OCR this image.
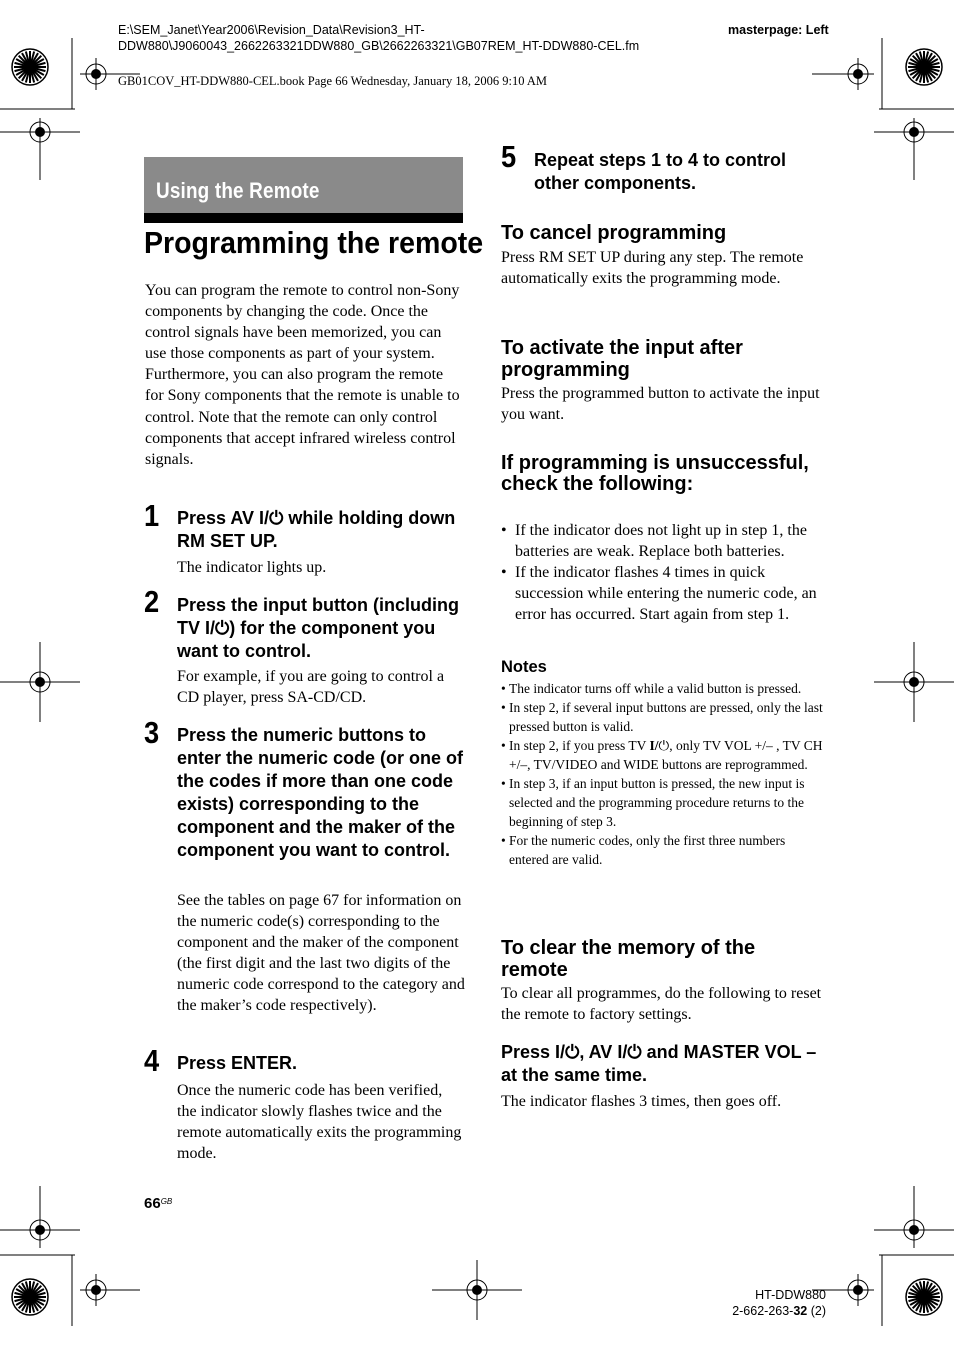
E:\SEM_Janet\Year2006\Revision_Data\Revision3_HT-
DDW880\J9060043_2662263321DDW880_GB\2662263321\GB07REM_HT-DDW880-CEL.fm
masterpage: Left
GB01COV_HT-DDW880-CEL.book Page 66 Wednesday, January 18, 2006 9:10 AM
Using the Remote
Programming the remote
You can program the remote to control non-Sony components by changing the code. Once the control signals have been memorized, you can use those components as part of your system.
Furthermore, you can also program the remote for Sony components that the remote is unable to control. Note that the remote can only control components that accept infrared wireless control signals.
1 Press AV I/⏻ while holding down RM SET UP.
The indicator lights up.
2 Press the input button (including TV I/⏻) for the component you want to control.
For example, if you are going to control a CD player, press SA-CD/CD.
3 Press the numeric buttons to enter the numeric code (or one of the codes if more than one code exists) corresponding to the component and the maker of the component you want to control.
See the tables on page 67 for information on the numeric code(s) corresponding to the component and the maker of the component (the first digit and the last two digits of the numeric code correspond to the category and the maker’s code respectively).
4 Press ENTER.
Once the numeric code has been verified, the indicator slowly flashes twice and the remote automatically exits the programming mode.
5 Repeat steps 1 to 4 to control other components.
To cancel programming
Press RM SET UP during any step. The remote automatically exits the programming mode.
To activate the input after programming
Press the programmed button to activate the input you want.
If programming is unsuccessful, check the following:
• If the indicator does not light up in step 1, the batteries are weak. Replace both batteries.
• If the indicator flashes 4 times in quick succession while entering the numeric code, an error has occurred. Start again from step 1.
Notes
• The indicator turns off while a valid button is pressed.
• In step 2, if several input buttons are pressed, only the last pressed button is valid.
• In step 2, if you press TV I/⏻, only TV VOL +/– , TV CH +/–, TV/VIDEO and WIDE buttons are reprogrammed.
• In step 3, if an input button is pressed, the new input is selected and the programming procedure returns to the beginning of step 3.
• For the numeric codes, only the first three numbers entered are valid.
To clear the memory of the remote
To clear all programmes, do the following to reset the remote to factory settings.
Press I/⏻, AV I/⏻ and MASTER VOL – at the same time.
The indicator flashes 3 times, then goes off.
$66^{GB}$
HT-DDW880
2-662-263-32 (2)
